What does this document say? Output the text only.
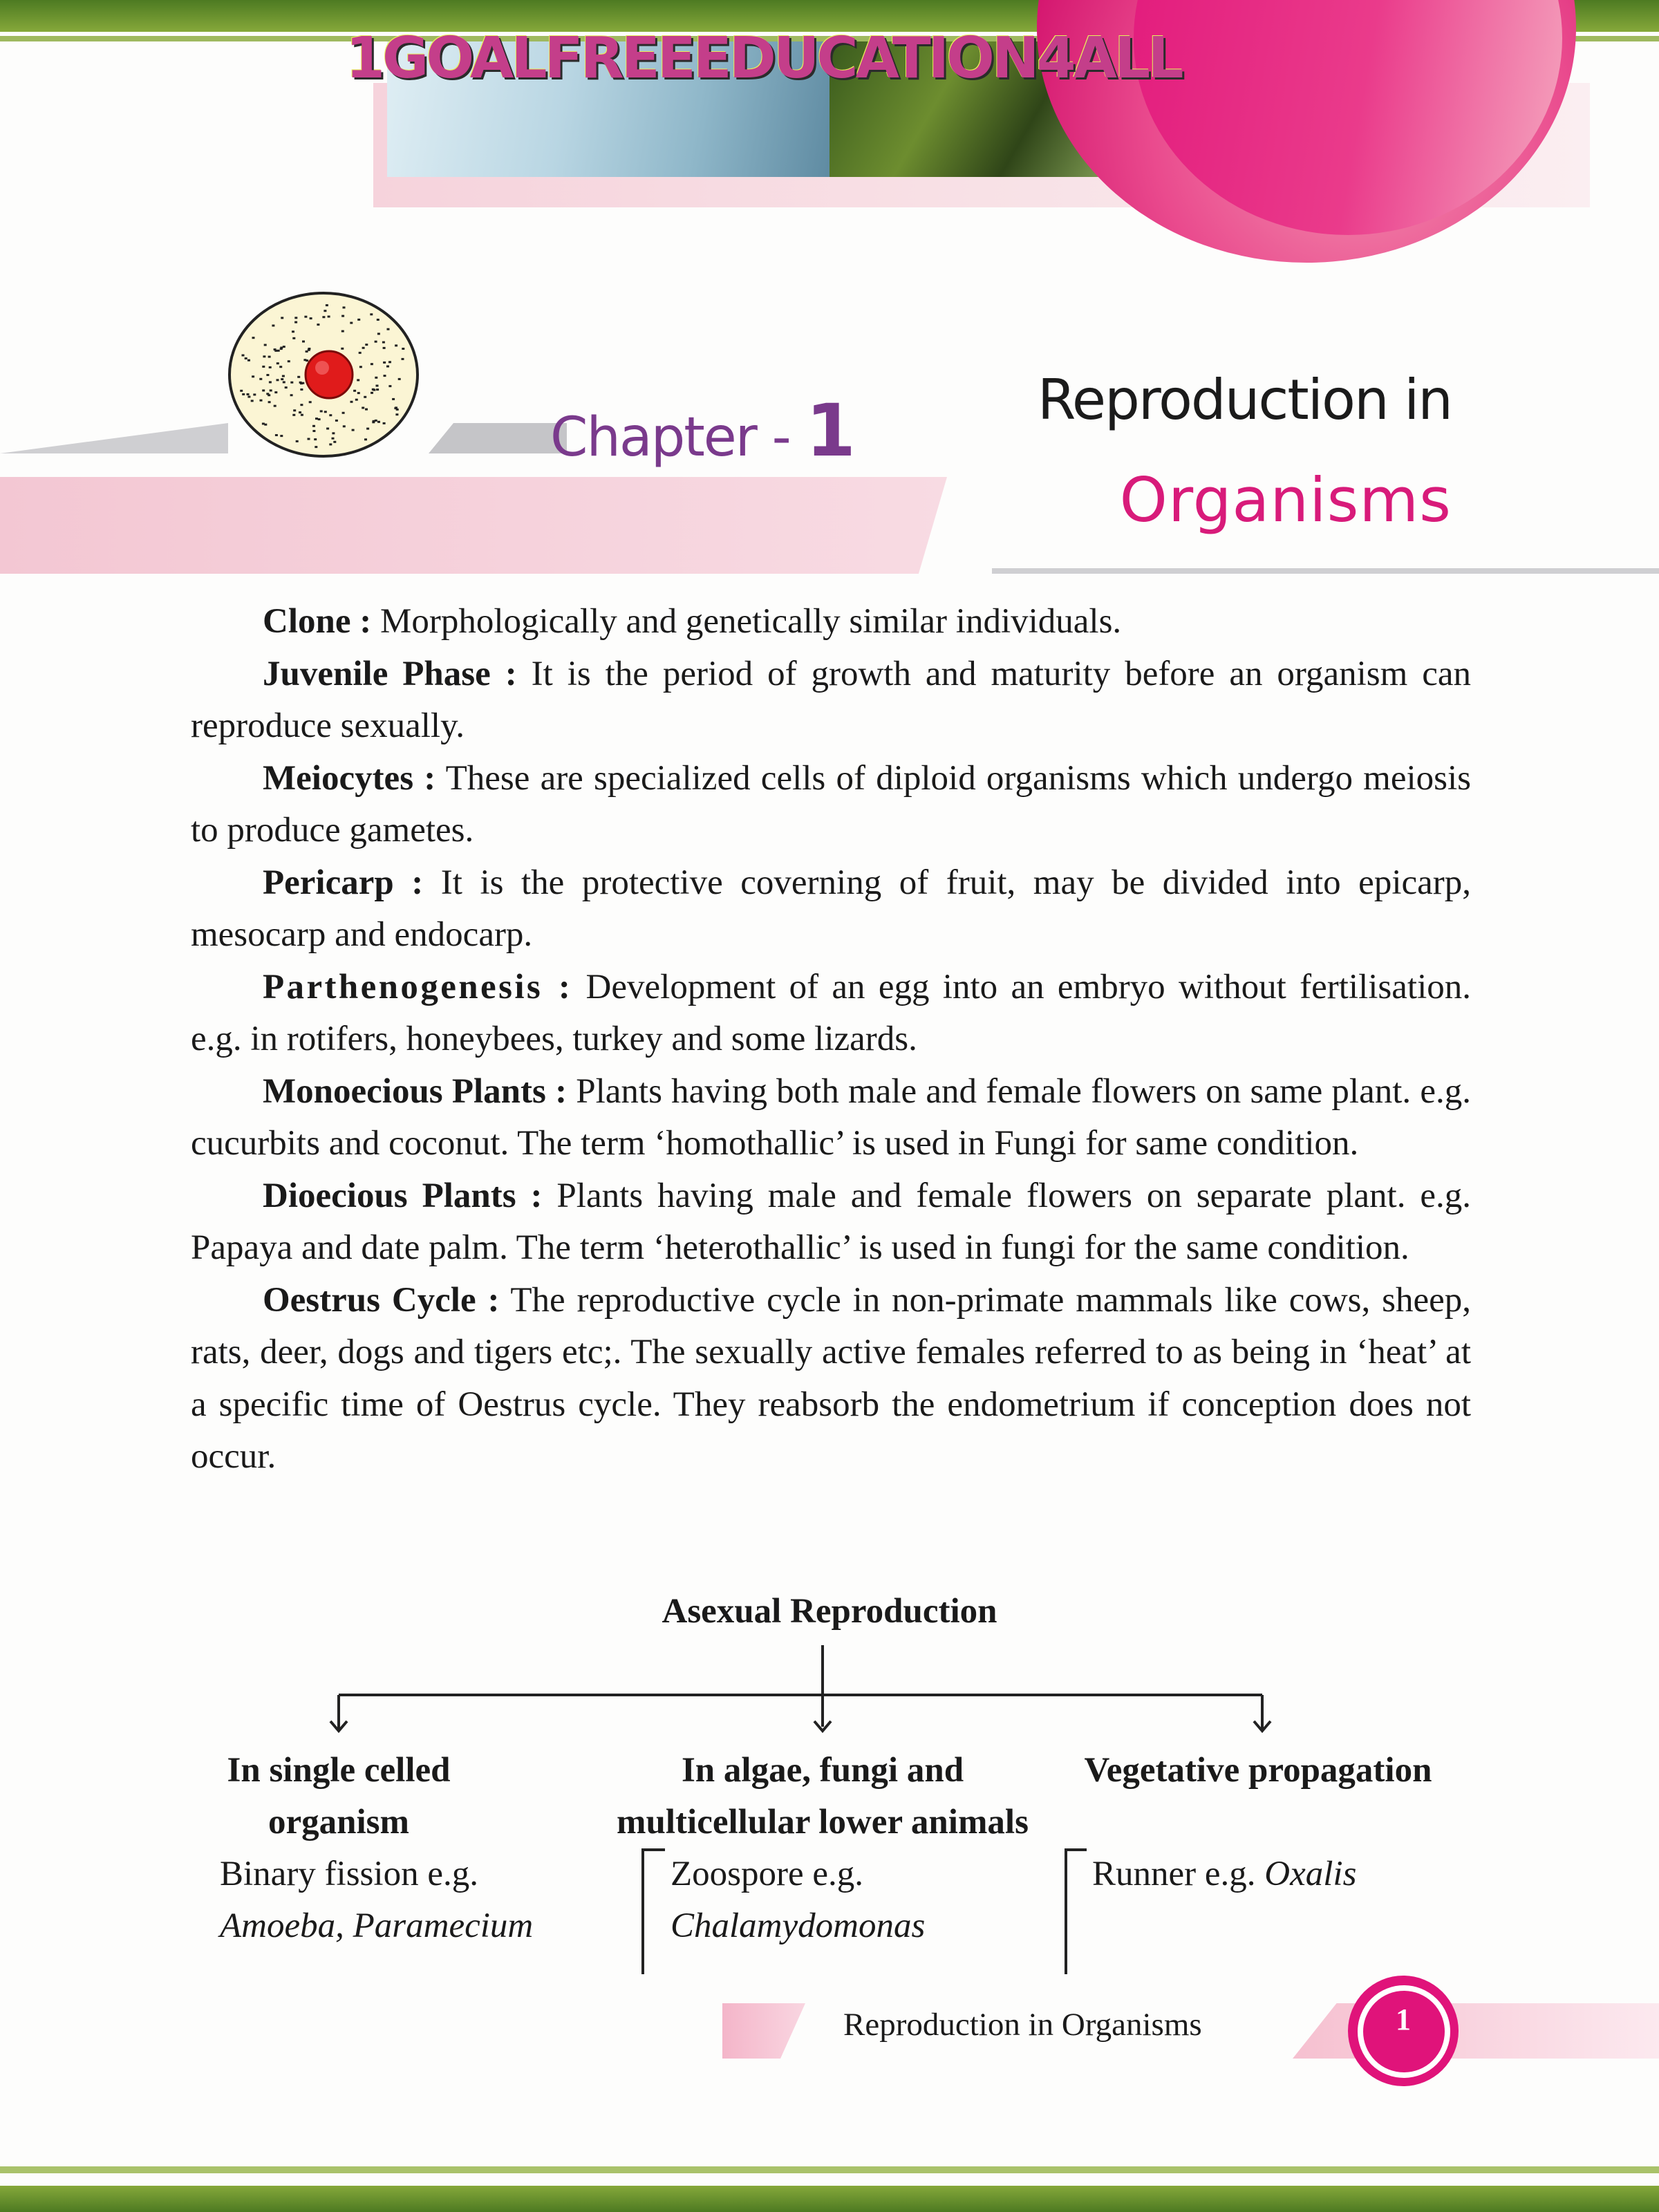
1GOALFREEEDUCATION4ALL
Chapter - 1	Reproduction in
Organisms

Clone : Morphologically and genetically similar individuals.

Juvenile Phase : It is the period of growth and maturity before an organism can reproduce sexually.

Meiocytes : These are specialized cells of diploid organisms which undergo meiosis to produce gametes.

Pericarp : It is the protective coverning of fruit, may be divided into epicarp, mesocarp and endocarp.

Parthenogenesis : Development of an egg into an embryo without fertilisation. e.g. in rotifers, honeybees, turkey and some lizards.

Monoecious Plants : Plants having both male and female flowers on same plant. e.g. cucurbits and coconut. The term ‘homothallic’ is used in Fungi for same condition.

Dioecious Plants : Plants having male and female flowers on separate plant. e.g. Papaya and date palm. The term ‘heterothallic’ is used in fungi for the same condition.

Oestrus Cycle : The reproductive cycle in non-primate mammals like cows, sheep, rats, deer, dogs and tigers etc;. The sexually active females referred to as being in ‘heat’ at a specific time of Oestrus cycle. They reabsorb the endometrium if conception does not occur.

Asexual Reproduction
In single celled
organism
In algae, fungi and
multicellular lower animals
Vegetative propagation
Binary fission e.g.
Amoeba, Paramecium
Zoospore e.g.
Chalamydomonas
Runner e.g. Oxalis
Reproduction in Organisms	1
